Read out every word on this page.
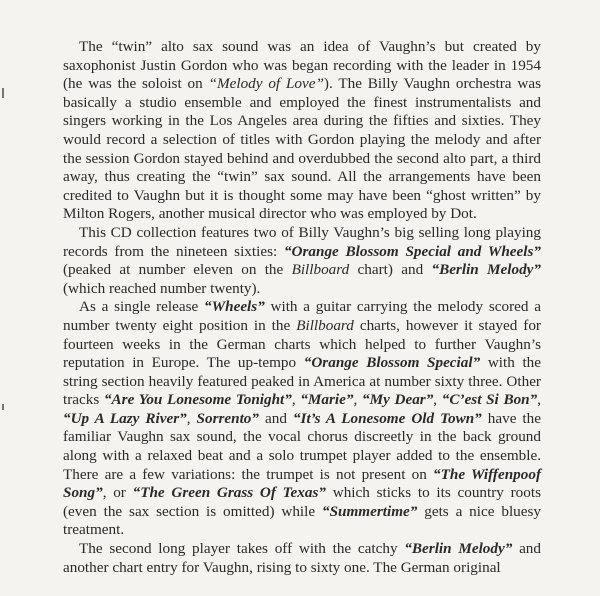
The “twin” alto sax sound was an idea of Vaughn’s but created by saxophonist Justin Gordon who was began recording with the leader in 1954 (he was the soloist on “Melody of Love”). The Billy Vaughn orchestra was basically a studio ensemble and employed the finest instrumentalists and singers working in the Los Angeles area during the fifties and sixties. They would record a selection of titles with Gordon playing the melody and after the session Gordon stayed behind and overdubbed the second alto part, a third away, thus creating the “twin” sax sound. All the arrangements have been credited to Vaughn but it is thought some may have been “ghost written” by Milton Rogers, another musical director who was employed by Dot.

This CD collection features two of Billy Vaughn’s big selling long playing records from the nineteen sixties: “Orange Blossom Special and Wheels” (peaked at number eleven on the Billboard chart) and “Berlin Melody” (which reached number twenty).

As a single release “Wheels” with a guitar carrying the melody scored a number twenty eight position in the Billboard charts, however it stayed for fourteen weeks in the German charts which helped to further Vaughn’s reputation in Europe. The up-tempo “Orange Blossom Special” with the string section heavily featured peaked in America at number sixty three. Other tracks “Are You Lonesome Tonight”, “Marie”, “My Dear”, “C’est Si Bon”, “Up A Lazy River”, Sorrento” and “It’s A Lonesome Old Town” have the familiar Vaughn sax sound, the vocal chorus discreetly in the back ground along with a relaxed beat and a solo trumpet player added to the ensemble. There are a few variations: the trumpet is not present on “The Wiffenpoof Song”, or “The Green Grass Of Texas” which sticks to its country roots (even the sax section is omitted) while “Summertime” gets a nice bluesy treatment.

The second long player takes off with the catchy “Berlin Melody” and another chart entry for Vaughn, rising to sixty one. The German original
